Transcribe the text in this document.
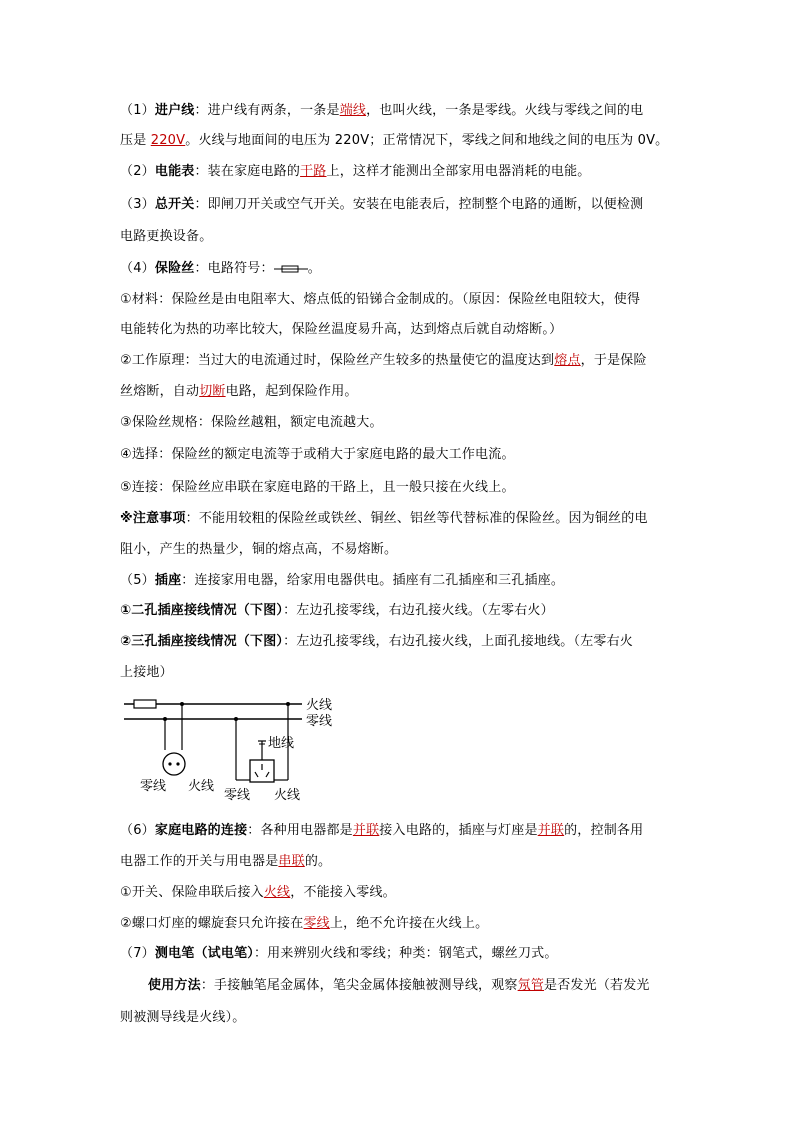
（1）进户线：进户线有两条，一条是端线，也叫火线，一条是零线。火线与零线之间的电
压是 220V。火线与地面间的电压为 220V；正常情况下，零线之间和地线之间的电压为 0V。
（2）电能表：装在家庭电路的干路上，这样才能测出全部家用电器消耗的电能。
（3）总开关：即闸刀开关或空气开关。安装在电能表后，控制整个电路的通断，以便检测
电路更换设备。
（4）保险丝：电路符号：	。
①材料：保险丝是由电阻率大、熔点低的铅锑合金制成的。（原因：保险丝电阻较大，使得
电能转化为热的功率比较大，保险丝温度易升高，达到熔点后就自动熔断。）
②工作原理：当过大的电流通过时，保险丝产生较多的热量使它的温度达到熔点，于是保险
丝熔断，自动切断电路，起到保险作用。
③保险丝规格：保险丝越粗，额定电流越大。
④选择：保险丝的额定电流等于或稍大于家庭电路的最大工作电流。
⑤连接：保险丝应串联在家庭电路的干路上，且一般只接在火线上。
※注意事项：不能用较粗的保险丝或铁丝、铜丝、铝丝等代替标准的保险丝。因为铜丝的电
阻小，产生的热量少，铜的熔点高，不易熔断。
（5）插座：连接家用电器，给家用电器供电。插座有二孔插座和三孔插座。
①二孔插座接线情况（下图）：左边孔接零线，右边孔接火线。（左零右火）
②三孔插座接线情况（下图）：左边孔接零线，右边孔接火线，上面孔接地线。（左零右火
上接地）
火线
零线
零线 火线
地线
零线 火线
（6）家庭电路的连接：各种用电器都是并联接入电路的，插座与灯座是并联的，控制各用
电器工作的开关与用电器是串联的。
①开关、保险串联后接入火线，不能接入零线。
②螺口灯座的螺旋套只允许接在零线上，绝不允许接在火线上。
（7）测电笔（试电笔）：用来辨别火线和零线；种类：钢笔式，螺丝刀式。
使用方法：手接触笔尾金属体，笔尖金属体接触被测导线，观察氖管是否发光（若发光
则被测导线是火线）。
